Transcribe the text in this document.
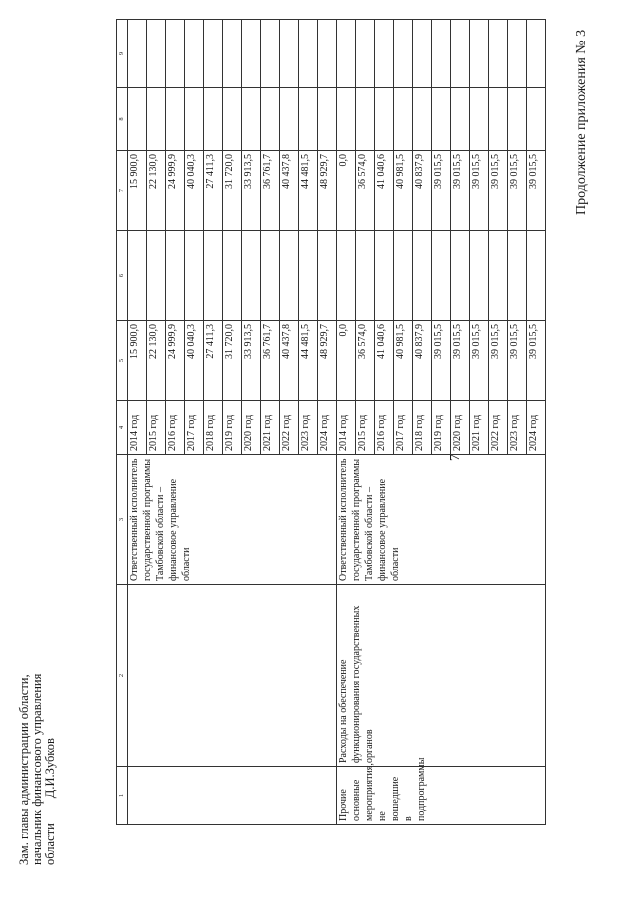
7
Продолжение приложения № 3
1	2	3	4	5	6	7	8	9
		Ответственный исполнитель государственной программы Тамбовской области – финансовое управление области	2014 год	15 900,0		15 900,0		
			2015 год	22 130,0		22 130,0		
			2016 год	24 999,9		24 999,9		
			2017 год	40 040,3		40 040,3		
			2018 год	27 411,3		27 411,3		
			2019 год	31 720,0		31 720,0		
			2020 год	33 913,5		33 913,5		
			2021 год	36 761,7		36 761,7		
			2022 год	40 437,8		40 437,8		
			2023 год	44 481,5		44 481,5		
			2024 год	48 929,7		48 929,7		
Прочие основные мероприятия, не вошедшие в подпрограммы	Расходы на обеспечение функционирования государственных органов	Ответственный исполнитель государственной программы Тамбовской области – финансовое управление области	2014 год	0,0		0,0		
			2015 год	36 574,0		36 574,0		
			2016 год	41 040,6		41 040,6		
			2017 год	40 981,5		40 981,5		
			2018 год	40 837,9		40 837,9		
			2019 год	39 015,5		39 015,5		
			2020 год	39 015,5		39 015,5		
			2021 год	39 015,5		39 015,5		
			2022 год	39 015,5		39 015,5		
			2023 год	39 015,5		39 015,5		
			2024 год	39 015,5		39 015,5		
Зам. главы администрации области,
начальник финансового управления
области        Д.И.Зубков
